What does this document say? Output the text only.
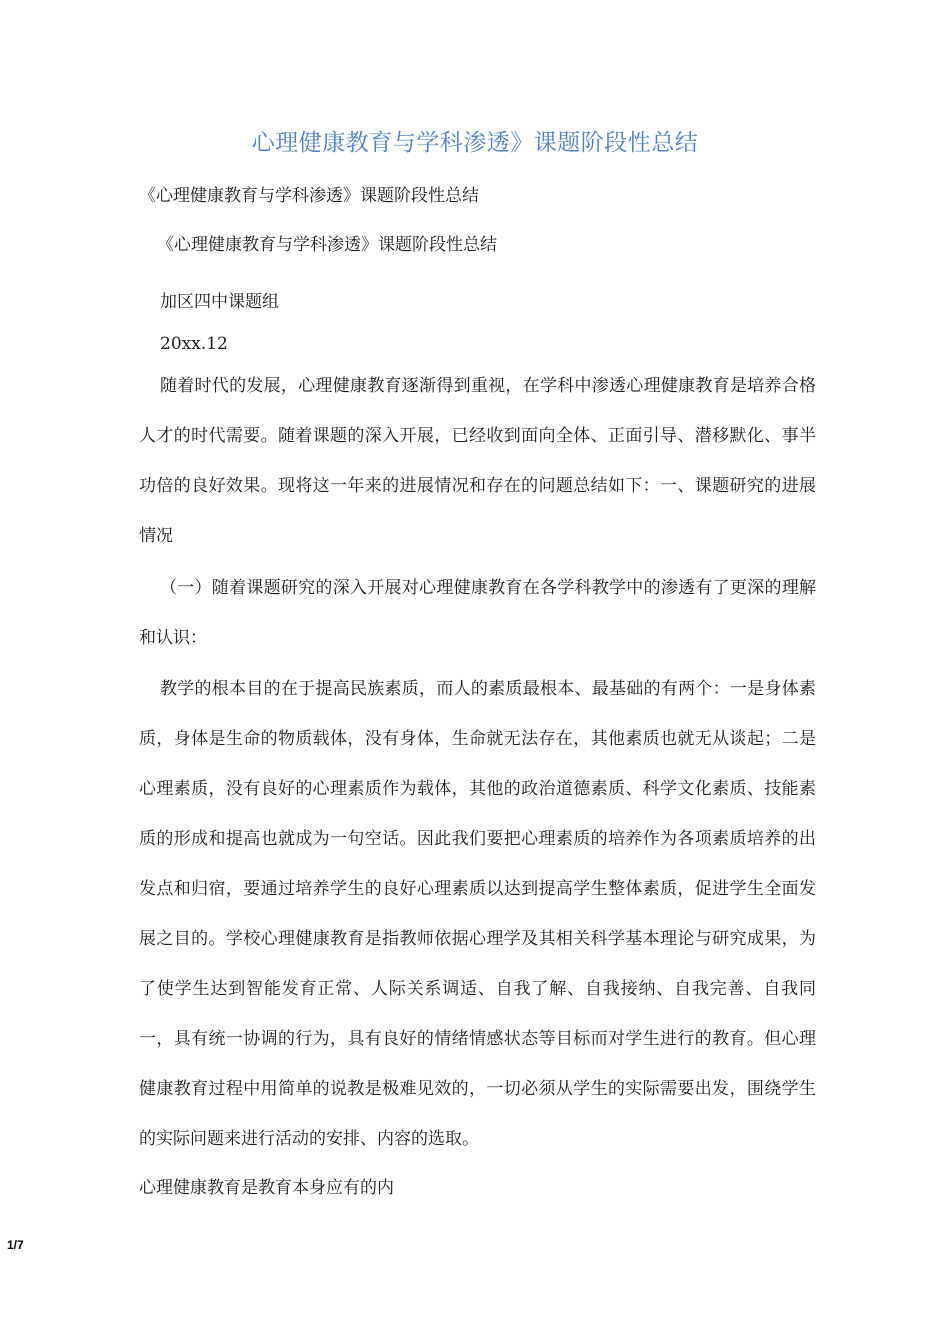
心理健康教育与学科渗透》课题阶段性总结
《心理健康教育与学科渗透》课题阶段性总结
《心理健康教育与学科渗透》课题阶段性总结
加区四中课题组
20xx.12

随着时代的发展，心理健康教育逐渐得到重视，在学科中渗透心理健康教育是培养合格人才的时代需要。随着课题的深入开展，已经收到面向全体、正面引导、潜移默化、事半功倍的良好效果。现将这一年来的进展情况和存在的问题总结如下：一、课题研究的进展情况

（一）随着课题研究的深入开展对心理健康教育在各学科教学中的渗透有了更深的理解和认识：

教学的根本目的在于提高民族素质，而人的素质最根本、最基础的有两个：一是身体素质，身体是生命的物质载体，没有身体，生命就无法存在，其他素质也就无从谈起；二是心理素质，没有良好的心理素质作为载体，其他的政治道德素质、科学文化素质、技能素质的形成和提高也就成为一句空话。因此我们要把心理素质的培养作为各项素质培养的出发点和归宿，要通过培养学生的良好心理素质以达到提高学生整体素质，促进学生全面发展之目的。学校心理健康教育是指教师依据心理学及其相关科学基本理论与研究成果，为了使学生达到智能发育正常、人际关系调适、自我了解、自我接纳、自我完善、自我同一，具有统一协调的行为，具有良好的情绪情感状态等目标而对学生进行的教育。但心理健康教育过程中用简单的说教是极难见效的，一切必须从学生的实际需要出发，围绕学生的实际问题来进行活动的安排、内容的选取。

心理健康教育是教育本身应有的内

1/7
